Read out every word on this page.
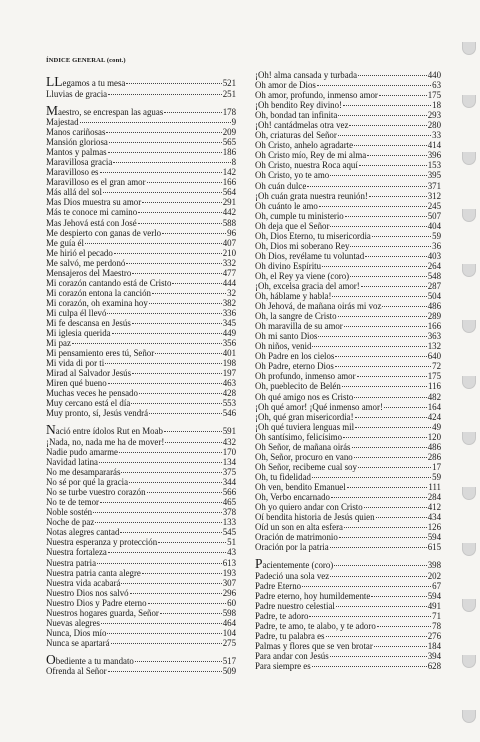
ÍNDICE GENERAL (cont.)
LLegamos a tu mesa	521
Lluvias de gracia	251
Maestro, se encrespan las aguas	178
Majestad	9
Manos cariñosas	209
Mansión gloriosa	565
Mantos y palmas	186
Maravillosa gracia	8
Maravilloso es	142
Maravilloso es el gran amor	166
Más allá del sol	564
Mas Dios muestra su amor	291
Más te conoce mi camino	442
Mas Jehová está con José	588
Me despierto con ganas de verlo	96
Me guía él	407
Me hirió el pecado	210
Me salvó, me perdonó	332
Mensajeros del Maestro	477
Mi corazón cantando está de Cristo	444
Mi corazón entona la canción	32
Mi corazón, oh examina hoy	382
Mi culpa él llevó	336
Mi fe descansa en Jesús	345
Mi iglesia querida	449
Mi paz	356
Mi pensamiento eres tú, Señor	401
Mi vida di por ti	198
Mirad al Salvador Jesús	197
Miren qué bueno	463
Muchas veces he pensado	428
Muy cercano está el día	553
Muy pronto, sí, Jesús vendrá	546
Nació entre ídolos Rut en Moab	591
¡Nada, no, nada me ha de mover!	432
Nadie pudo amarme	170
Navidad latina	134
No me desampararás	375
No sé por qué la gracia	344
No se turbe vuestro corazón	566
No te de temor	465
Noble sostén	378
Noche de paz	133
Notas alegres cantad	545
Nuestra esperanza y protección	51
Nuestra fortaleza	43
Nuestra patria	613
Nuestra patria canta alegre	193
Nuestra vida acabará	307
Nuestro Dios nos salvó	296
Nuestro Dios y Padre eterno	60
Nuestros hogares guarda, Señor	598
Nuevas alegres	464
Nunca, Dios mío	104
Nunca se apartará	275
Obediente a tu mandato	517
Ofrenda al Señor	509
¡Oh! alma cansada y turbada	440
Oh amor de Dios	63
Oh amor, profundo, inmenso amor	175
¡Oh bendito Rey divino!	18
Oh, bondad tan infinita	293
¡Oh! cantádmelas otra vez	280
Oh, criaturas del Señor	33
Oh Cristo, anhelo agradarte	414
Oh Cristo mío, Rey de mi alma	396
Oh Cristo, nuestra Roca aquí	153
Oh Cristo, yo te amo	395
Oh cuán dulce	371
¡Oh cuán grata nuestra reunión!	312
Oh cuánto le amo	245
Oh, cumple tu ministerio	507
Oh deja que el Señor	404
Oh, Dios Eterno, tu misericordia	59
Oh, Dios mi soberano Rey	36
Oh Dios, revélame tu voluntad	403
Oh divino Espíritu	264
Oh, el Rey ya viene (coro)	548
¡Oh, excelsa gracia del amor!	287
Oh, háblame y habla!	504
Oh Jehová, de mañana oirás mi voz	486
Oh, la sangre de Cristo	289
Oh maravilla de su amor	166
Oh mi santo Dios	363
Oh niños, venid	132
Oh Padre en los cielos	640
Oh Padre, eterno Dios	72
Oh profundo, inmenso amor	175
Oh, pueblecito de Belén	116
Oh qué amigo nos es Cristo	482
¡Oh qué amor! ¡Qué inmenso amor!	164
¡Oh, qué gran misericordia!	424
¡Oh qué tuviera lenguas mil	49
Oh santísimo, felicísimo	120
Oh Señor, de mañana oirás	486
Oh, Señor, procuro en vano	286
Oh Señor, recibeme cual soy	17
Oh, tu fidelidad	59
Oh ven, bendito Emanuel	111
Oh, Verbo encarnado	284
Oh yo quiero andar con Cristo	412
Oí bendita historia de Jesús quien	434
Oíd un son en alta esfera	126
Oración de matrimonio	594
Oración por la patria	615
Pacientemente (coro)	398
Padeció una sola vez	202
Padre Eterno	67
Padre eterno, hoy humildemente	594
Padre nuestro celestial	491
Padre, te adoro	71
Padre, te amo, te alabo, y te adoro	78
Padre, tu palabra es	276
Palmas y flores que se ven brotar	184
Para andar con Jesús	394
Para siempre es	628
